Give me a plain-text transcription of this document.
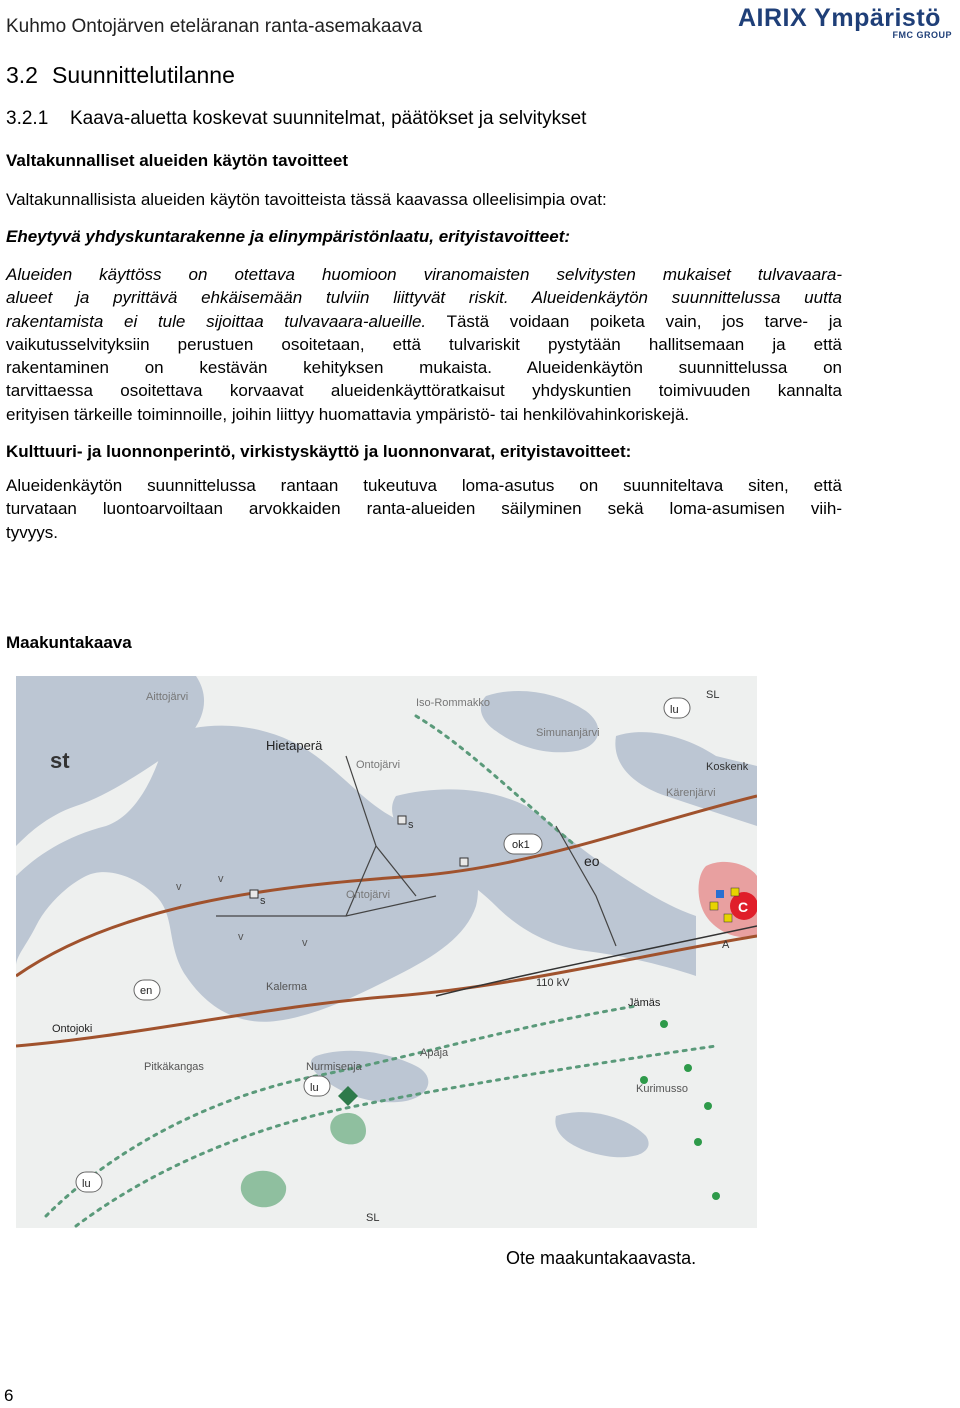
Kuhmo Ontojärven eteläranan ranta-asemakaava	AIRIX Ympäristö
FMC GROUP
3.2 Suunnittelutilanne
3.2.1 Kaava-aluetta koskevat suunnitelmat, päätökset ja selvitykset
Valtakunnalliset alueiden käytön tavoitteet
Valtakunnallisista alueiden käytön tavoitteista tässä kaavassa olleelisimpia ovat:
Eheytyvä yhdyskuntarakenne ja elinympäristönlaatu, erityistavoitteet:
Alueiden käyttöss on otettava huomioon viranomaisten selvitysten mukaiset tulvavaara-
alueet ja pyrittävä ehkäisemään tulviin liittyvät riskit. Alueidenkäytön suunnittelussa uutta
rakentamista ei tule sijoittaa tulvavaara-alueille. Tästä voidaan poiketa vain, jos tarve- ja
vaikutusselvityksiin perustuen osoitetaan, että tulvariskit pystytään hallitsemaan ja että
rakentaminen on kestävän kehityksen mukaista. Alueidenkäytön suunnittelussa on
tarvittaessa osoitettava korvaavat alueidenkäyttöratkaisut yhdyskuntien toimivuuden kannalta
erityisen tärkeille toiminnoille, joihin liittyy huomattavia ympäristö- tai henkilövahinkoriskejä.
Kulttuuri- ja luonnonperintö, virkistyskäyttö ja luonnonvarat, erityistavoitteet:
Alueidenkäytön suunnittelussa rantaan tukeutuva loma-asutus on suunniteltava siten, että
turvataan luontoarvoiltaan arvokkaiden ranta-alueiden säilyminen sekä loma-asumisen viih-
tyvyys.
Maakuntakaava
st
Aittojärvi
Hietaperä
Ontojärvi
Iso-Rommakko
Simunanjärvi
Koskenk
Kärenjärvi
Ontojärvi
ok1
eo
Kalermа
Ontojoki
en
110 kV
Jämäs
Pitkäkangas	Nurmisenja
Apaja
Kurimusso
SL
SL
lu
lu
lu
C
A
s
s
v
v
v	v
Ote maakuntakaavasta.
6
